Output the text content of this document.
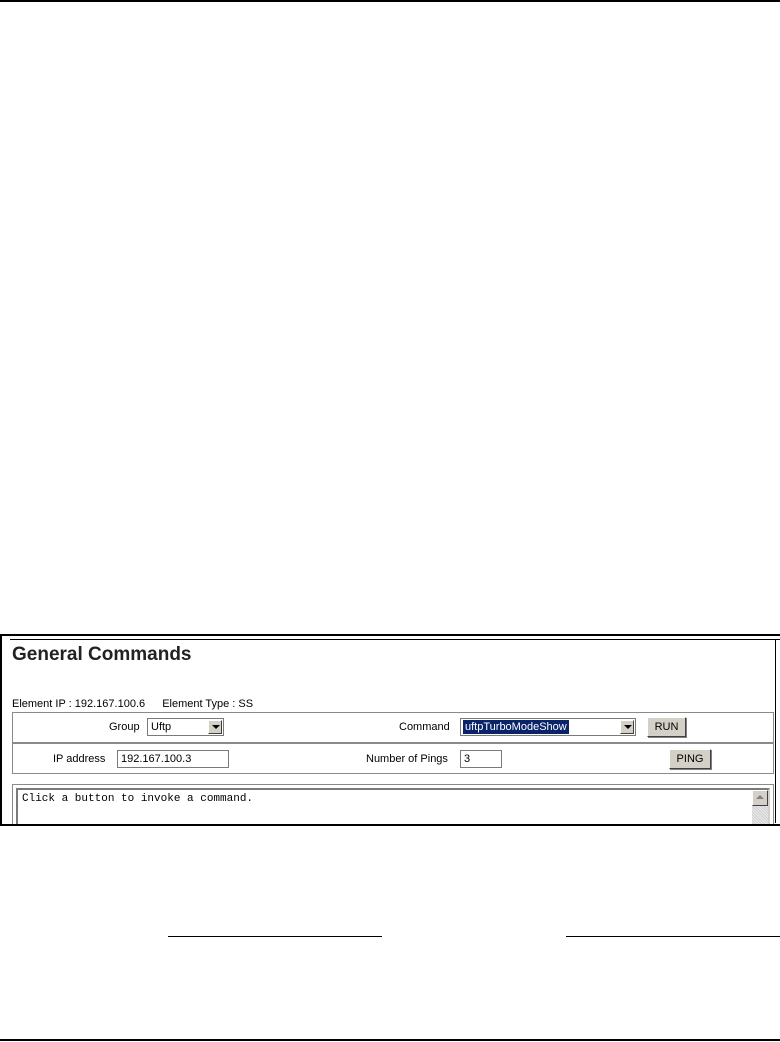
General Commands
Element IP : 192.167.100.6 Element Type : SS
Group Uftp	Command uftpTurboModeShow	RUN
IP address	192.167.100.3	Number of Pings	3	PING
Click a button to invoke a command.
